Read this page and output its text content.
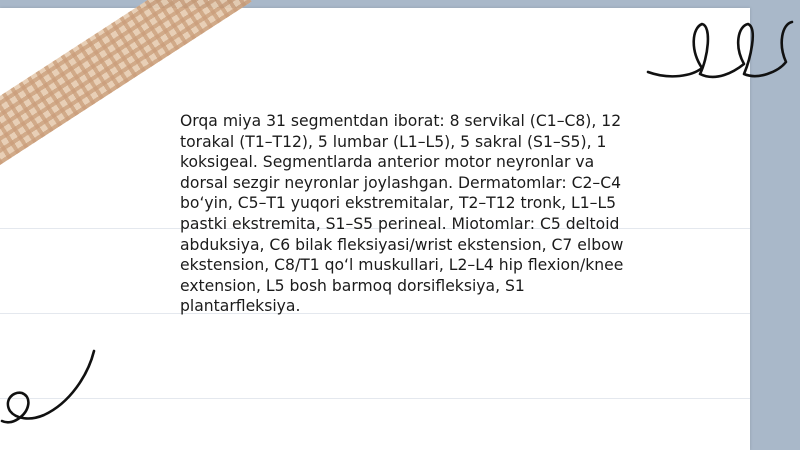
Orqa miya 31 segmentdan iborat: 8 servikal (C1–C8), 12 torakal (T1–T12), 5 lumbar (L1–L5), 5 sakral (S1–S5), 1 koksigeal. Segmentlarda anterior motor neyronlar va dorsal sezgir neyronlar joylashgan. Dermatomlar: C2–C4 bo‘yin, C5–T1 yuqori ekstremitalar, T2–T12 tronk, L1–L5 pastki ekstremita, S1–S5 perineal. Miotomlar: C5 deltoid abduksiya, C6 bilak fleksiyasi/wrist ekstension, C7 elbow ekstension, C8/T1 qo‘l muskullari, L2–L4 hip flexion/knee extension, L5 bosh barmoq dorsifleksiya, S1 plantarfleksiya.
